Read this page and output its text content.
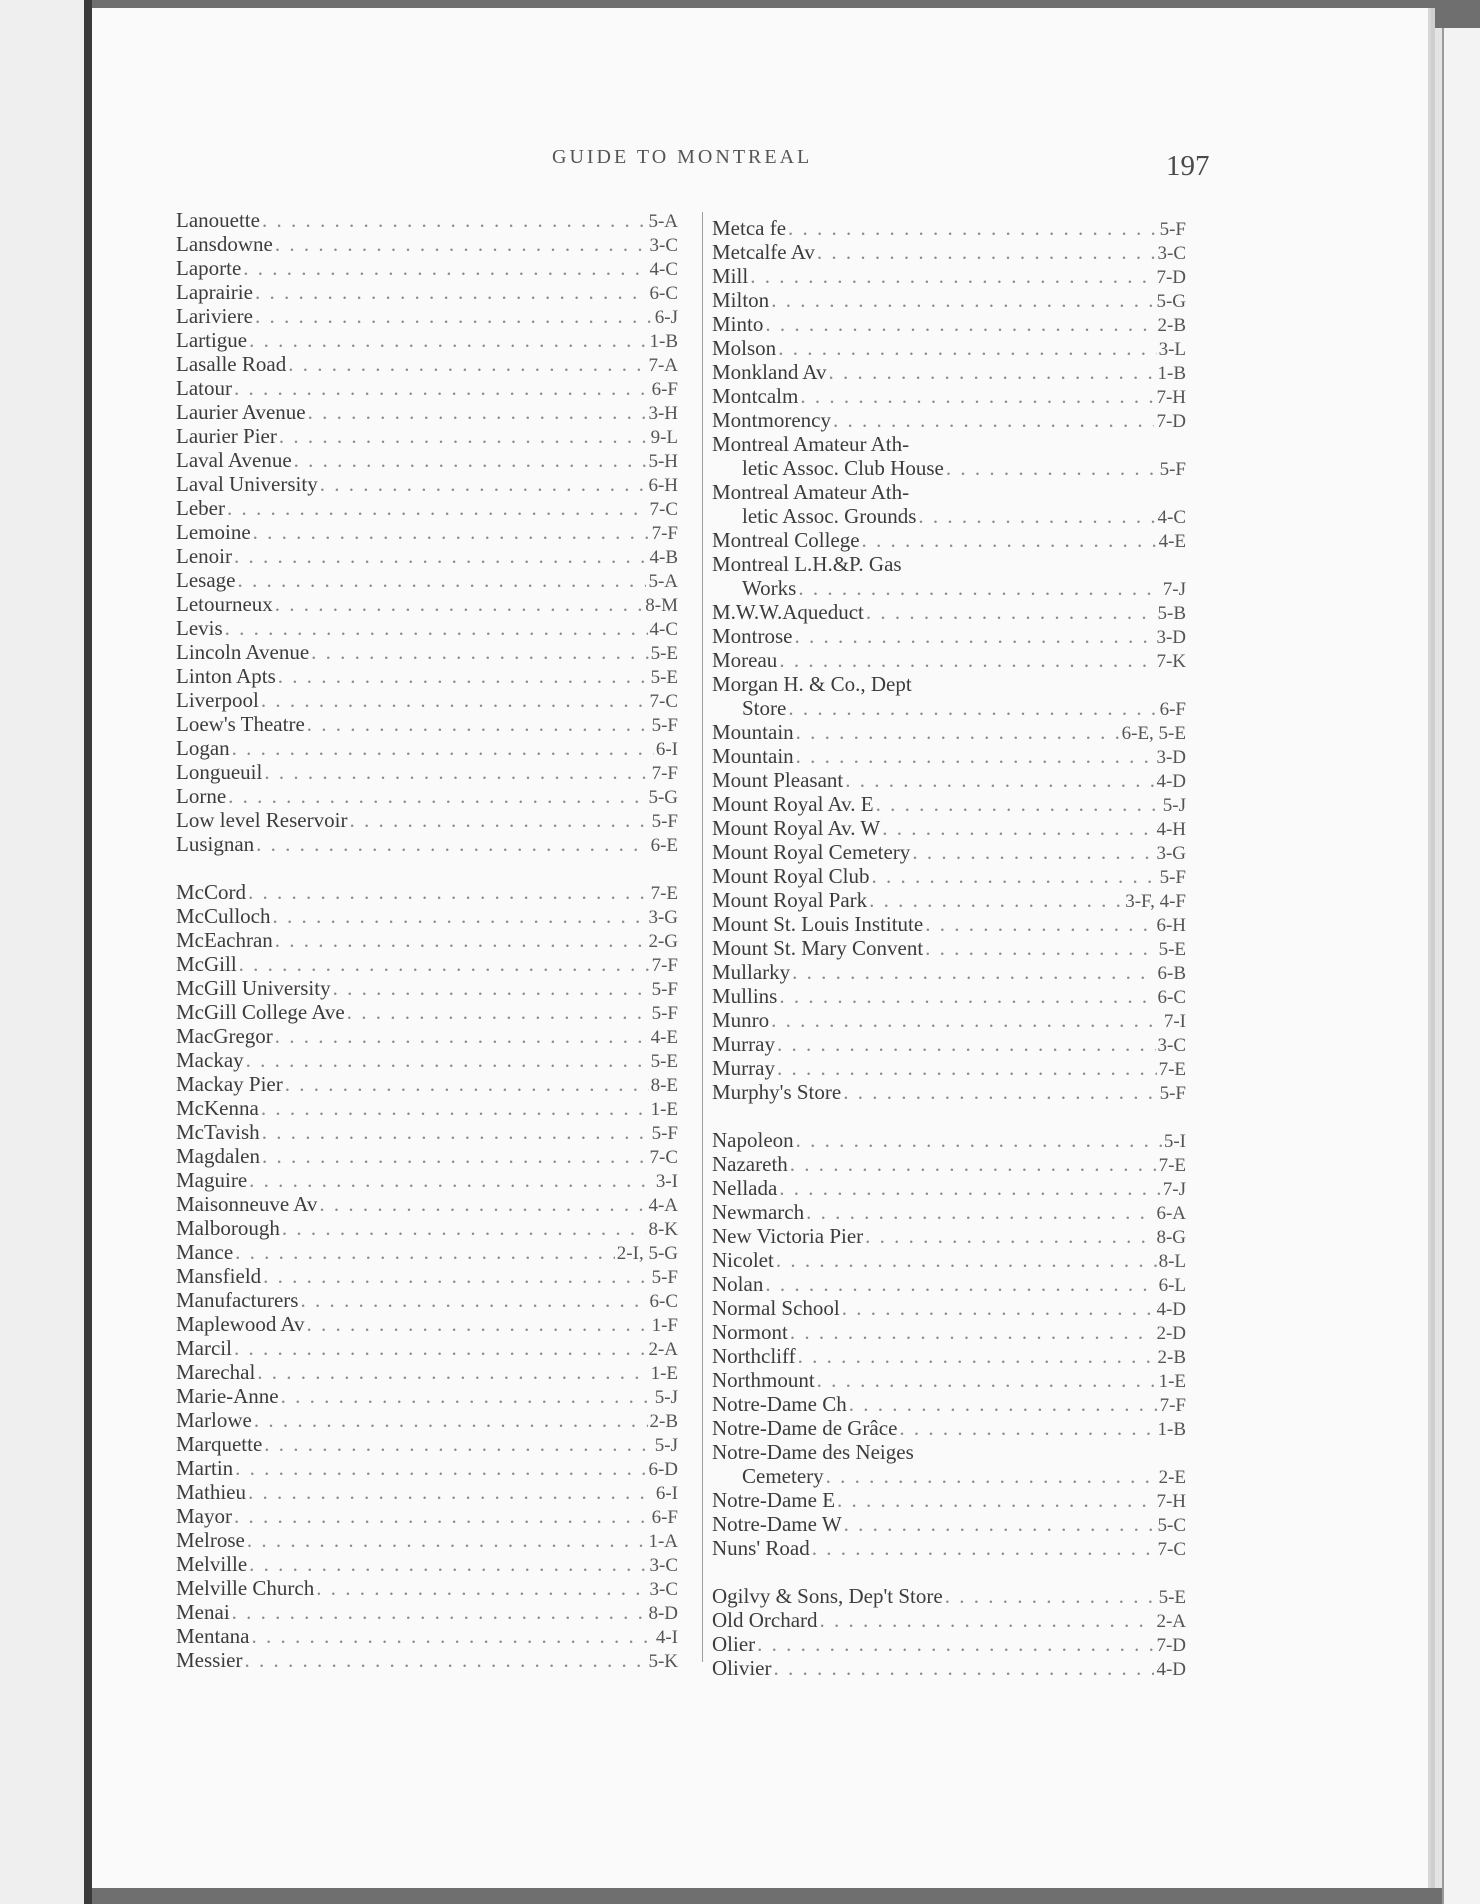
GUIDE TO MONTREAL	197
Lanouette . . .	5-A
Lansdowne . . .	3-C
Laporte . . .	4-C
Laprairie . . .	6-C
Lariviere . . .	6-J
Lartigue . . .	1-B
Lasalle Road . . .	7-A
Latour . . .	6-F
Laurier Avenue . . .	3-H
Laurier Pier . . .	9-L
Laval Avenue . . .	5-H
Laval University . . .	6-H
Leber . . .	7-C
Lemoine . . .	7-F
Lenoir . . .	4-B
Lesage . . .	5-A
Letourneux . . .	8-M
Levis . . .	4-C
Lincoln Avenue . . .	5-E
Linton Apts . . .	5-E
Liverpool . . .	7-C
Loew's Theatre . . .	5-F
Logan . . .	6-I
Longueuil . . .	7-F
Lorne . . .	5-G
Low level Reservoir . . .	5-F
Lusignan . . .	6-E
McCord . . .	7-E
McCulloch . . .	3-G
McEachran . . .	2-G
McGill . . .	7-F
McGill University . . .	5-F
McGill College Ave . . .	5-F
MacGregor . . .	4-E
Mackay . . .	5-E
Mackay Pier . . .	8-E
McKenna . . .	1-E
McTavish . . .	5-F
Magdalen . . .	7-C
Maguire . . .	3-I
Maisonneuve Av . . .	4-A
Malborough . . .	8-K
Mance . . .	2-I, 5-G
Mansfield . . .	5-F
Manufacturers . . .	6-C
Maplewood Av . . .	1-F
Marcil . . .	2-A
Marechal . . .	1-E
Marie-Anne . . .	5-J
Marlowe . . .	2-B
Marquette . . .	5-J
Martin . . .	6-D
Mathieu . . .	6-I
Mayor . . .	6-F
Melrose . . .	1-A
Melville . . .	3-C
Melville Church . . .	3-C
Menai . . .	8-D
Mentana . . .	4-I
Messier . . .	5-K
Metca fe . . .	5-F
Metcalfe Av . . .	3-C
Mill . . .	7-D
Milton . . .	5-G
Minto . . .	2-B
Molson . . .	3-L
Monkland Av . . .	1-B
Montcalm . . .	7-H
Montmorency . . .	7-D
Montreal Amateur Ath-
letic Assoc. Club House . . .	5-F
Montreal Amateur Ath-
letic Assoc. Grounds . . .	4-C
Montreal College . . .	4-E
Montreal L.H.&P. Gas
Works . . .	7-J
M.W.W.Aqueduct . . .	5-B
Montrose . . .	3-D
Moreau . . .	7-K
Morgan H. & Co., Dept
Store . . .	6-F
Mountain . . .	6-E, 5-E
Mountain . . .	3-D
Mount Pleasant . . .	4-D
Mount Royal Av. E . . .	5-J
Mount Royal Av. W . . .	4-H
Mount Royal Cemetery . . .	3-G
Mount Royal Club . . .	5-F
Mount Royal Park . . .	3-F, 4-F
Mount St. Louis Institute . . .	6-H
Mount St. Mary Convent . . .	5-E
Mullarky . . .	6-B
Mullins . . .	6-C
Munro . . .	7-I
Murray . . .	3-C
Murray . . .	7-E
Murphy's Store . . .	5-F
Napoleon . . .	5-I
Nazareth . . .	7-E
Nellada . . .	7-J
Newmarch . . .	6-A
New Victoria Pier . . .	8-G
Nicolet . . .	8-L
Nolan . . .	6-L
Normal School . . .	4-D
Normont . . .	2-D
Northcliff . . .	2-B
Northmount . . .	1-E
Notre-Dame Ch . . .	7-F
Notre-Dame de Grâce . . .	1-B
Notre-Dame des Neiges
Cemetery . . .	2-E
Notre-Dame E . . .	7-H
Notre-Dame W . . .	5-C
Nuns' Road . . .	7-C
Ogilvy & Sons, Dep't Store . . .	5-E
Old Orchard . . .	2-A
Olier . . .	7-D
Olivier . . .	4-D
